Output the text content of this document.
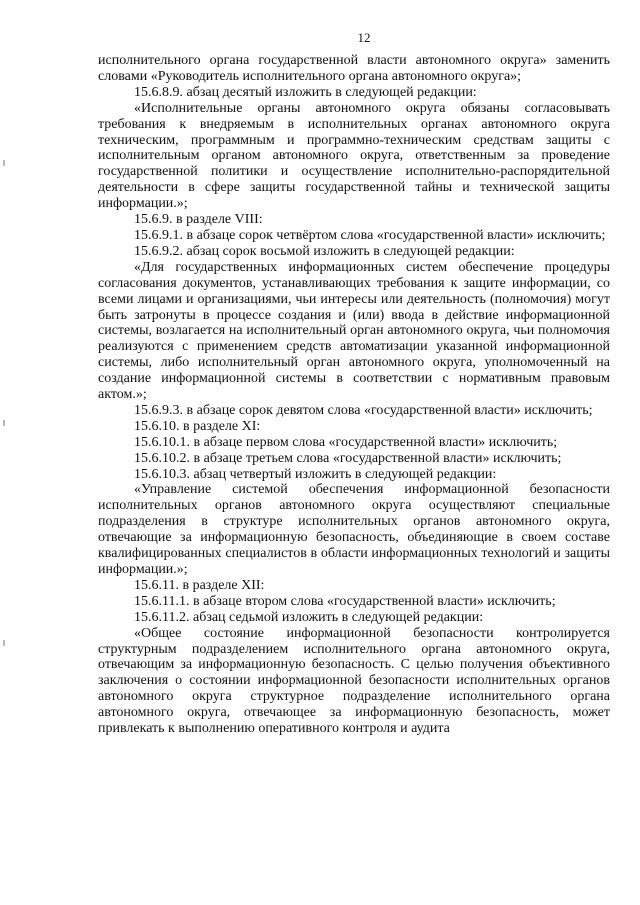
12

исполнительного органа государственной власти автономного округа» заменить словами «Руководитель исполнительного органа автономного округа»;

15.6.8.9. абзац десятый изложить в следующей редакции:

«Исполнительные органы автономного округа обязаны согласовывать требования к внедряемым в исполнительных органах автономного округа техническим, программным и программно-техническим средствам защиты с исполнительным органом автономного округа, ответственным за проведение государственной политики и осуществление исполнительно-распорядительной деятельности в сфере защиты государственной тайны и технической защиты информации.»;

15.6.9. в разделе VIII:

15.6.9.1. в абзаце сорок четвёртом слова «государственной власти» исключить;

15.6.9.2. абзац сорок восьмой изложить в следующей редакции:

«Для государственных информационных систем обеспечение процедуры согласования документов, устанавливающих требования к защите информации, со всеми лицами и организациями, чьи интересы или деятельность (полномочия) могут быть затронуты в процессе создания и (или) ввода в действие информационной системы, возлагается на исполнительный орган автономного округа, чьи полномочия реализуются с применением средств автоматизации указанной информационной системы, либо исполнительный орган автономного округа, уполномоченный на создание информационной системы в соответствии с нормативным правовым актом.»;

15.6.9.3. в абзаце сорок девятом слова «государственной власти» исключить;

15.6.10. в разделе XI:

15.6.10.1. в абзаце первом слова «государственной власти» исключить;

15.6.10.2. в абзаце третьем слова «государственной власти» исключить;

15.6.10.3. абзац четвертый изложить в следующей редакции:

«Управление системой обеспечения информационной безопасности исполнительных органов автономного округа осуществляют специальные подразделения в структуре исполнительных органов автономного округа, отвечающие за информационную безопасность, объединяющие в своем составе квалифицированных специалистов в области информационных технологий и защиты информации.»;

15.6.11. в разделе XII:

15.6.11.1. в абзаце втором слова «государственной власти» исключить;

15.6.11.2. абзац седьмой изложить в следующей редакции:

«Общее состояние информационной безопасности контролируется структурным подразделением исполнительного органа автономного округа, отвечающим за информационную безопасность. С целью получения объективного заключения о состоянии информационной безопасности исполнительных органов автономного округа структурное подразделение исполнительного органа автономного округа, отвечающее за информационную безопасность, может привлекать к выполнению оперативного контроля и аудита
